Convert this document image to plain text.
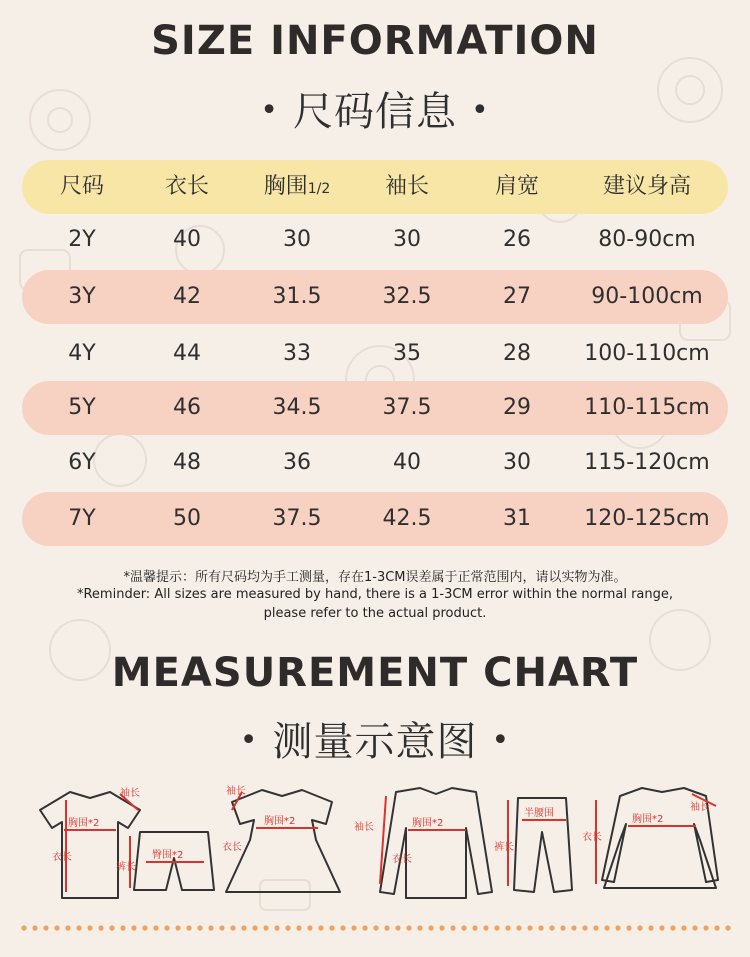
SIZE INFORMATION
• 尺码信息 •
尺码	衣长	胸围1/2	袖长	肩宽	建议身高
2Y	40	30	30	26	80-90cm
3Y	42	31.5	32.5	27	90-100cm
4Y	44	33	35	28	100-110cm
5Y	46	34.5	37.5	29	110-115cm
6Y	48	36	40	30	115-120cm
7Y	50	37.5	42.5	31	120-125cm
*温馨提示：所有尺码均为手工测量，存在1-3CM误差属于正常范围内，请以实物为准。
*Reminder: All sizes are measured by hand, there is a 1-3CM error within the normal range,
please refer to the actual product.
MEASUREMENT CHART
• 测量示意图 •
袖长
胸围*2
衣长
裤长
臀围*2
袖长
胸围*2
衣长
袖长	胸围*2
衣长
裤长
半腰围
衣长
胸围*2
袖长
